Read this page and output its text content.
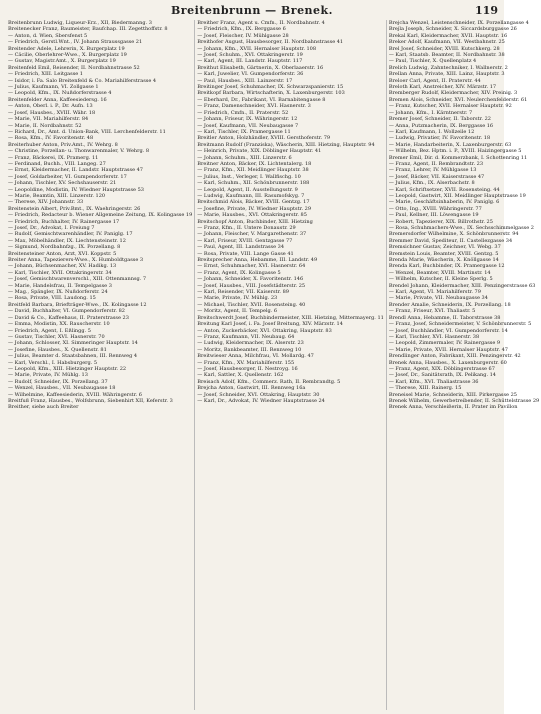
Breitenbrunn — Brenek.	119
Breitenbrunn Ludwig, Liqueur-Erz., XII, Biedermanng. 3
Breitenecker Franz, Baumeister, Baufchap. III. Zegetthoffstr. 8
— Anton, d. Wien, Sbersfenst 5
— Friedrich, Gerstl.Wnt., IV. Johann Straussgasse 21
Breitender Adele, Lehrerin, X. Burgerplatz 19
— Cäcilie, Oberlehrer-Wwe., X. Burgerplatz 19
— Gustav, Magistr.Amt., X. Burgerplatz 19
Breitenfeld Emil, Reisender, II. Nordbahnstrasse 52
— Friedrich, XIII. Leitgasse 1
— Isidor, i. Fa. Salo Breitenfeld & Co. Mariahilferstrasse 4
— Julius, Kaufmann, VI. Zollgasse 1
— Leopold, Kfm., IX. Nußdorferstrasse 4
Breitenfelder Anna, Kaffeesiedersg. 16
— Anton, Oberl. i. P., Dr. Aufn. 13
— Josef, Hausbes., XVIII. Währ. 18
— Marie, VII. Mariahilferstr. 84
— Marie, II. Nordbahnstr. 52
— Richard, Dr., Amt. d. Union-Bank, VIII. Lerchenfelderstr. 11
— Rosa, Kfm., IV. Favoritenstr. 48
Breiterhuber Anton, Priv.Amt., IV. Wehrg. 8
— Christine, Porzellan- u. Thonwarenmaler, V. Wehrg. 8
— Franz, Bäckerei, IX. Pramerg. 11
— Ferdinand, Buchh., VIII. Langeg. 27
— Ernst, Kleidermacher, II. Landstr. Hauptstrasse 47
— Josef, Goldarbeiter, VI. Gumpendorferstr. 17
— Johann, Tischler, XV. Sechshauserstr. 21
— Leopoldine, Modistin, IV. Wiedner Hauptstrasse 53
— Marie, Beamtin, XIII. Linzerstr. 120
— Therese, XIV. Johannstr. 33
Breitenstein Albert, Priv.Bmt., IX. Waehringerstr. 26
— Friedrich, Redacteur b. Wiener Allgemeine Zeitung, IX. Kolingasse 19
— Friedrich, Buchhalter, IV. Rainergasse 17
— Josef, Dr., Advokat, I. Freiung 7
— Rudolf, Gemischtwarenhändler, IV. Paniglg. 17
— Max, Möbelhändler, IX. Liechtensteinstr. 12
— Sigmund, Nordbahnfzg., IX. Porzellang. 8
Breitensteiner Anton, Arzt, XVI. Koppstr. 5
Breiter Anna, Tapezierers-Wwe., X. Humboldtgasse 3
— Johann, Büchsenmacher, XV. Hadikg. 13
— Karl, Tischler, XVII. Ottakringerstr. 34
— Josef, Gemischtwarenverschl., XIII. Ottenmannsg. 7
— Marie, Handelsfrau, II. Tempelgasse 3
— Mag., Spängler, IX. Nußdorferstr. 24
— Rosa, Private, VIII. Laudong. 15
Breitfeld Barbara, Briefträger-Wwe., IX. Kolingasse 12
— David, Buchhalter, VI. Gumpendorferstr. 82
— David & Co., Kaffeehaus, II. Praterstrasse 23
— Emma, Modistin, XX. Rauscherstr. 10
— Friedrich, Agent, I. Eßlingg. 5
— Gustav, Tischler, XVI. Hasnerstr. 70
— Johann, Schlosser, XI. Simmeringer Hauptstr. 14
— Josefine, Hausbes., X. Quellenstr. 81
— Julius, Beamter d. Staatsbahnen, III. Rennweg 4
— Karl, Verschl., I. Habsburgerg. 5
— Leopold, Kfm., XIII. Hietzinger Hauptstr. 22
— Marie, Private, IV. Mühlg. 13
— Rudolf, Schneider, IX. Porzellang. 37
— Wenzel, Hausbes., VII. Neubaugasse 18
— Wilhelmine, Kaffeesiederin, XVIII. Währingerstr. 6
Breitfuß Franz, Hausbes., Wolfsbrunn, Siebenhirt XII, Keferstr. 3
Breither, siehe auch Breiter
Breither Franz, Agent u. Cmfn., II. Nordbahnstr. 4
— Friedrich, Kfm., IX. Berggasse 6
— Josef, Fleischer, IV. Mühlgasse 28
Breithofer August, Hausbesorger, II. Nordbahnstrasse 41
— Johann, Kfm., XVII. Hernalser Hauptstr. 108
— Josef, Schuhm., XVI. Ottakringerstr. 19
— Karl, Agent, III. Landstr. Hauptstr. 117
Breithut Elisabeth, Gärtnerin, X. Oberlaaerstr. 16
— Karl, Juwelier, VI. Gumpendorferstr. 36
— Paul, Hausbes., XIII. Lainzerstr. 17
Breitinger Josef, Schuhmacher, IX. Schwarzspanierstr. 15
Breitkopf Barbara, Wirtschafterin, X. Laxenburgerstr. 103
— Eberhard, Dr., Fabrikant, VI. Barnabitengasse 8
— Franz, Damenschneider, XVI. Hasnerstr. 3
— Friedrich, Cmfn., II. Praterstr. 52
— Johann, Friseur, IX. Währingerstr. 12
— Josef, Kaufmann, VII. Neubaugasse 7
— Karl, Tischler, IX. Pramergasse 11
Breitler Anton, Holzhändler, XVIII. Gersthoferstr. 79
Breitmann Rudolf (Franziska), Wäscherin, XIII. Hietzing, Hauptstr. 94
— Heinrich, Private, XIX. Döblinger Hauptstr. 41
— Johann, Schuhm., XIII. Linzerstr. 6
Breitner Anton, Bäcker, IX. Lichtentalerg. 18
— Franz, Kfm., XII. Meidlinger Hauptstr. 38
— Julius, Inst., Verleger, I. Wallfischg. 10
— Karl, Schuhm., XII. Schönbrunnerstr. 188
— Leopold, Agent, II. Ausstellungsstr. 9
— Ludwig, Kaufmann, III. Rasumofskyg. 7
Breitschmid Alois, Bäcker, XVIII. Gentzg. 17
— Josefine, Private, IV. Wiedner Hauptstr. 29
— Marie, Hausbes., XVI. Ottakringerstr. 85
Breitschopf Anton, Buchbinder, XIII. Hietzing
— Franz, Kfm., II. Untere Donaustr. 29
— Johann, Fleischer, V. Margarethenstr. 37
— Karl, Friseur, XVIII. Gentzgasse 77
— Paul, Agent, III. Landstrasse 34
— Rosa, Private, VIII. Lange Gasse 41
Breitsprecher Anna, Hebamme, III. Landstr. 49
— Ernst, Schuhmacher, XVI. Hasnerstr. 64
— Franz, Agent, IX. Kolingasse 5
— Johann, Schneider, X. Favoritenstr. 146
— Josef, Hausbes., VIII. Josefstädterstr. 25
— Karl, Reisender, VII. Kaiserstr. 89
— Marie, Private, IV. Mühlg. 23
— Michael, Tischler, XVII. Rosensteing. 40
— Moritz, Agent, II. Tempelg. 6
Breitschwerdt Josef, Buchbindermeister, XIII. Hietzing, Mittermayerg. 11
Breitung Karl Josef, i. Fa. Josef Breitung, XIV. Märzstr. 14
— Anton, Zuckerbäcker, XVI. Ottakring, Hauptstr. 83
— Franz, Kaufmann, VII. Neubaug. 64
— Ludwig, Kleidermacher, IX. Alserstr. 23
— Moritz, Bankbeamter, III. Rennweg 10
Breitwieser Anna, Milchfrau, VI. Mollardg. 47
— Franz, Kfm., XV. Mariahilferstr. 155
— Josef, Hausbesorger, II. Nestroyg. 16
— Karl, Sattler, X. Quellenstr. 162
Breisach Adolf, Kfm., Commerz. Rath, II. Rembrandtg. 5
Brejcha Anton, Gastwirt, III. Rennweg 16a
— Josef, Schneider, XVI. Ottakring, Hauptstr. 30
— Karl, Dr., Advokat, IV. Wiedner Hauptstrasse 24
Brejcha Wenzel, Leistenschneider, IX. Porzellangasse 4
Brejla Joseph, Schneider, X. Siccardsburggasse 26
Brekal Karl, Kleidermacher, XVII. Hauptstr. 16
Breker Adolf, Kaufmann, VII. Westbahnstr. 25
Brel Josef, Schneider, XVIII. Kutschkerg. 28
— Karl, Staatsb. Beamter, II. Nordbahnstr. 38
— Paul, Tischler, X. Quellenplatz 4
Brelich Ludwig, Zahntechniker, I. Wallnerstr. 2
Brellan Anna, Private, XIII. Lainz, Hauptstr. 3
Breloer Carl, Agent, II. Praterstr. 44
Breloth Karl, Anstreicher, XIV. Märzstr. 17
Bremberger Rudolf, Kleidermacher, XIV. Preinig. 3
Bremen Alois, Schneider, XVI. Neulerchenfelderstr. 61
— Franz, Kutscher, XVII. Hernalser Hauptstr. 92
— Johann, Kfm., I. Kärntnerstr. 7
Bremer Josef, Schneider, II. Taborstr. 22
— Anna, Putzmacherin, IX. Berggasse 16
— Karl, Kaufmann, I. Wollzeile 12
— Ludwig, Privatier, IV. Favoritenstr. 18
— Marie, Handarbeiterin, X. Laxenburgerstr. 63
— Wilhelm, Bez. Hptm. i. P., XVIII. Haizingergasse 5
Bremer Emil, Dir. d. Kommerzbank, I. Schottenring 11
— Franz, Agent, II. Rembrandtstr. 23
— Franz, Lehrer, IV. Mühlgasse 13
— Josef, Bäcker, VII. Kaiserstrasse 47
— Julius, Kfm., IX. Alserbachstr. 8
— Karl, Schriftsetzer, XVII. Rosensteing. 44
— Leopold, Gastwirt, XII. Meidlinger Hauptstrasse 19
— Marie, Geschäftsinhaberin, IV. Paniglg. 6
— Otto, Ing., XVIII. Währingerstr. 77
— Paul, Kellner, III. Löwengasse 19
— Robert, Tapezierer, XIX. Billrothstr. 25
— Rosa, Schuhmachers-Wwe., IX. Sechsschimmelgasse 2
Bremersdorfer Wilhelmine, X. Schönbrunnerstr. 94
Bremmer David, Spediteur, II. Castellezgasse 34
Bremsichner Gustav, Zeichner, VI. Webg. 37
Bremstein Louis, Beamter, XVIII. Gentzg. 5
Brenda Marie, Wäscherin, X. Knöllgasse 14
Brenda Karl, Buchbinder, IX. Pramergasse 12
— Wenzel, Beamter, XVIII. Martinstr. 14
— Wilhelm, Kutscher, II. Kleine Sperlg. 5
Brendel Johann, Kleidermacher, XIII. Penzingerstrasse 63
— Karl, Agent, VI. Mariahilferstr. 79
— Marie, Private, VII. Neubaugasse 34
Brender Amalie, Schneiderin, IX. Porzellang. 18
— Franz, Friseur, XVI. Thaliastr. 5
Brendl Anna, Hebamme, II. Taborstrasse 38
— Franz, Josef, Schneidermeister, V. Schönbrunnerstr. 5
— Josef, Buchhändler, VI. Gumpendorferstr. 14
— Karl, Tischler, XVI. Hasnerstr. 38
— Leopold, Zimmermaler, IV. Rainergasse 9
— Marie, Private, XVII. Hernalser Hauptstr. 47
Brendlinger Anton, Fabrikant, XIII. Penzingerstr. 42
Brenek Anna, Hausbes., X. Laxenburgerstr. 60
— Franz, Agent, XIX. Döblingerstrasse 67
— Josef, Dr., Sanitätsrath, IX. Pelikang. 14
— Karl, Kfm., XVI. Thaliastrasse 36
— Therese, XIII. Rainerg. 15
Breneisel Marie, Schneiderin, XIII. Pirkergasse 25
Brenek Wilhelm, Gewerbetreibender, II. Schüttelstrasse 29
Brenek Anna, Verschleißerin, II. Prater im Pavillon
